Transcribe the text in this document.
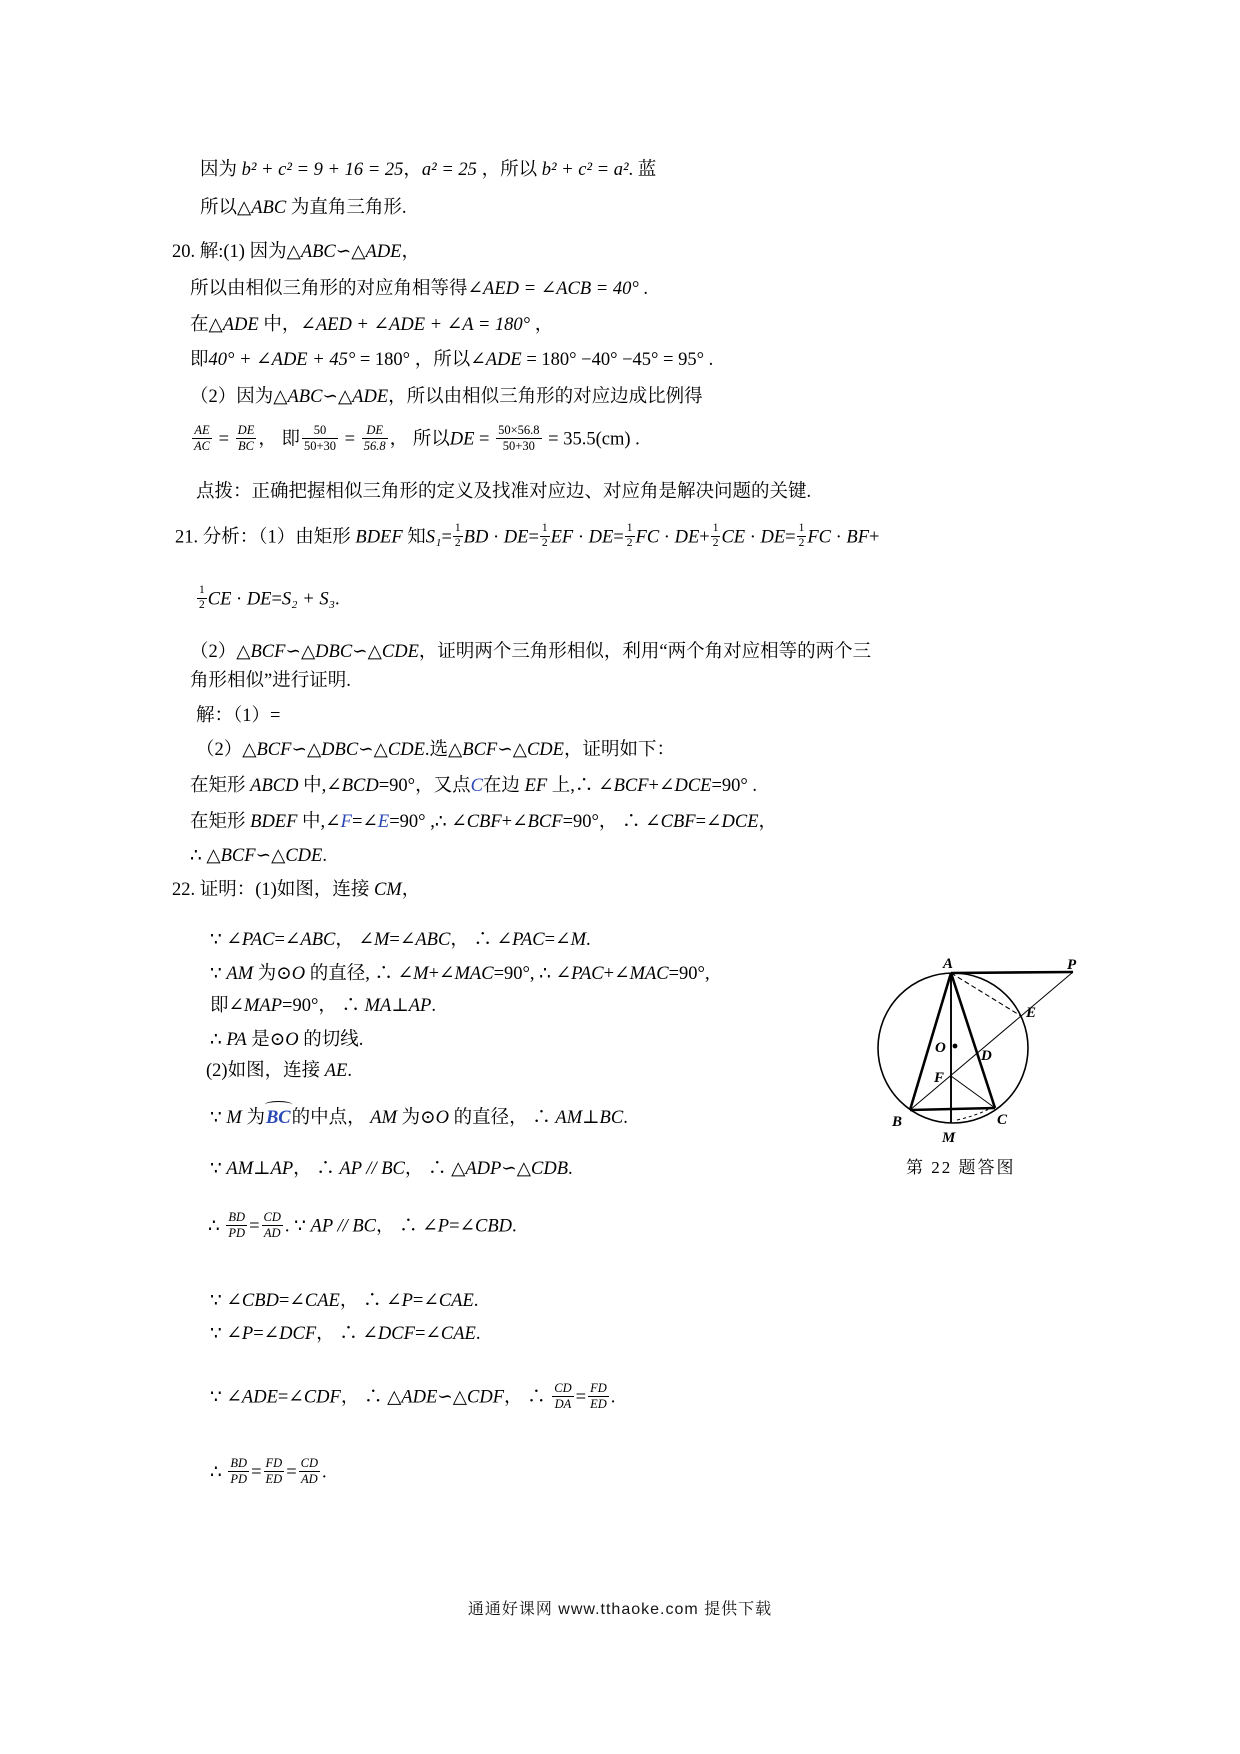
因为 b² + c² = 9 + 16 = 25，a² = 25 ，所以 b² + c² = a². 蓝
所以△ABC 为直角三角形.
20. 解:(1) 因为△ABC∽△ADE，
所以由相似三角形的对应角相等得∠AED = ∠ACB = 40° .
在△ADE 中，∠AED + ∠ADE + ∠A = 180° ，
即40° + ∠ADE + 45° = 180° ，所以∠ADE = 180° −40° −45° = 95° .
（2）因为△ABC∽△ADE，所以由相似三角形的对应边成比例得
$\frac{AE}{AC} = \frac{DE}{BC}$ ， 即 $\frac{50}{50+30} = \frac{DE}{56.8}$ ， 所以DE = $\frac{50\times 56.8}{50+30} = 35.5(cm)$ .
点拨：正确把握相似三角形的定义及找准对应边、对应角是解决问题的关键.
21. 分析：（1）由矩形 BDEF 知$S_1= \frac{1}{2}$ BD · $DE= \frac{1}{2}$ EF · $DE= \frac{1}{2}$ FC · $DE+ \frac{1}{2}$ CE · $DE= \frac{1}{2}$ FC · BF+
$\frac{1}{2}$ CE · DE=S₂ + S₃.
（2）△BCF∽△DBC∽△CDE，证明两个三角形相似，利用“两个角对应相等的两个三
角形相似”进行证明.
解：（1）=
（2）△BCF∽△DBC∽△CDE.选△BCF∽△CDE，证明如下：
在矩形 ABCD 中,∠BCD=90°，又点C在边 EF 上,∴ ∠BCF+∠DCE=90° .
在矩形 BDEF 中,∠F=∠E=90° ,∴ ∠CBF+∠BCF=90°， ∴ ∠CBF=∠DCE，
∴ △BCF∽△CDE.
22. 证明：(1)如图，连接 CM，
∵ ∠PAC=∠ABC， ∠M=∠ABC， ∴ ∠PAC=∠M.
∵ AM 为⊙O 的直径, ∴ ∠M+∠MAC=90°, ∴ ∠PAC+∠MAC=90°,
即∠MAP=90°， ∴ MA⊥AP.
∴ PA 是⊙O 的切线.
(2)如图，连接 AE.
∵ M 为
BC的中点， AM 为⊙O 的直径， ∴ AM⊥BC.
∵ AM⊥AP， ∴ AP // BC， ∴ △ADP∽△CDB.
∴ $\frac{BD}{PD} = \frac{CD}{AD}$ . ∵ AP // BC， ∴ ∠P=∠CBD.
∵ ∠CBD=∠CAE， ∴ ∠P=∠CAE.
∵ ∠P=∠DCF， ∴ ∠DCF=∠CAE.
∵ ∠ADE=∠CDF， ∴ △ADE∽△CDF， ∴ $\frac{CD}{DA} = \frac{FD}{ED}$ .
∴ $\frac{BD}{PD} = \frac{FD}{ED} = \frac{CD}{AD}$ .
A	P
E
O D
F
B	C
M
第 22 题答图
通通好课网 www.tthaoke.com 提供下载
